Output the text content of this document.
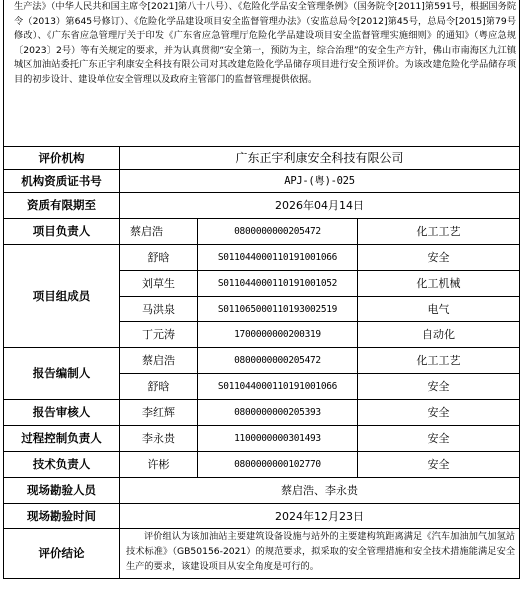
生产法》（中华人民共和国主席令[2021]第八十八号）、《危险化学品安全管理条例》（国务院令[2011]第591号，根据国务院令（2013）第645号修订）、《危险化学品建设项目安全监督管理办法》（安监总局令[2012]第45号，总局令[2015]第79号修改）、《广东省应急管理厅关于印发《广东省应急管理厅危险化学品建设项目安全监督管理实施细则》的通知》（粤应急规〔2023〕2号）等有关规定的要求，并为认真贯彻“安全第一，预防为主，综合治理”的安全生产方针，佛山市南海区九江镇城区加油站委托广东正宇利康安全科技有限公司对其改建危险化学品储存项目进行安全预评价。为该改建危险化学品储存项目的初步设计、建设单位安全管理以及政府主管部门的监督管理提供依据。			
评价机构	广东正宇利康安全科技有限公司		
机构资质证书号	APJ-(粤)-025		
资质有限期至	2026年04月14日		
项目负责人	蔡启浩	0800000000205472	化工工艺
项目组成员	舒晗	S011044000110191001066	安全
	刘草生	S011044000110191001052	化工机械
	马洪泉	S011065000110193002519	电气
	丁元涛	1700000000200319	自动化
报告编制人	蔡启浩	0800000000205472	化工工艺
	舒晗	S011044000110191001066	安全
报告审核人	李红辉	0800000000205393	安全
过程控制负责人	李永贵	1100000000301493	安全
技术负责人	许彬	0800000000102770	安全
现场勘验人员	蔡启浩、李永贵		
现场勘验时间	2024年12月23日		
评价结论	评价组认为该加油站主要建筑设备设施与站外的主要建构筑距离满足《汽车加油加气加氢站技术标准》（GB50156-2021）的规范要求，拟采取的安全管理措施和安全技术措施能满足安全生产的要求，该建设项目从安全角度是可行的。		
